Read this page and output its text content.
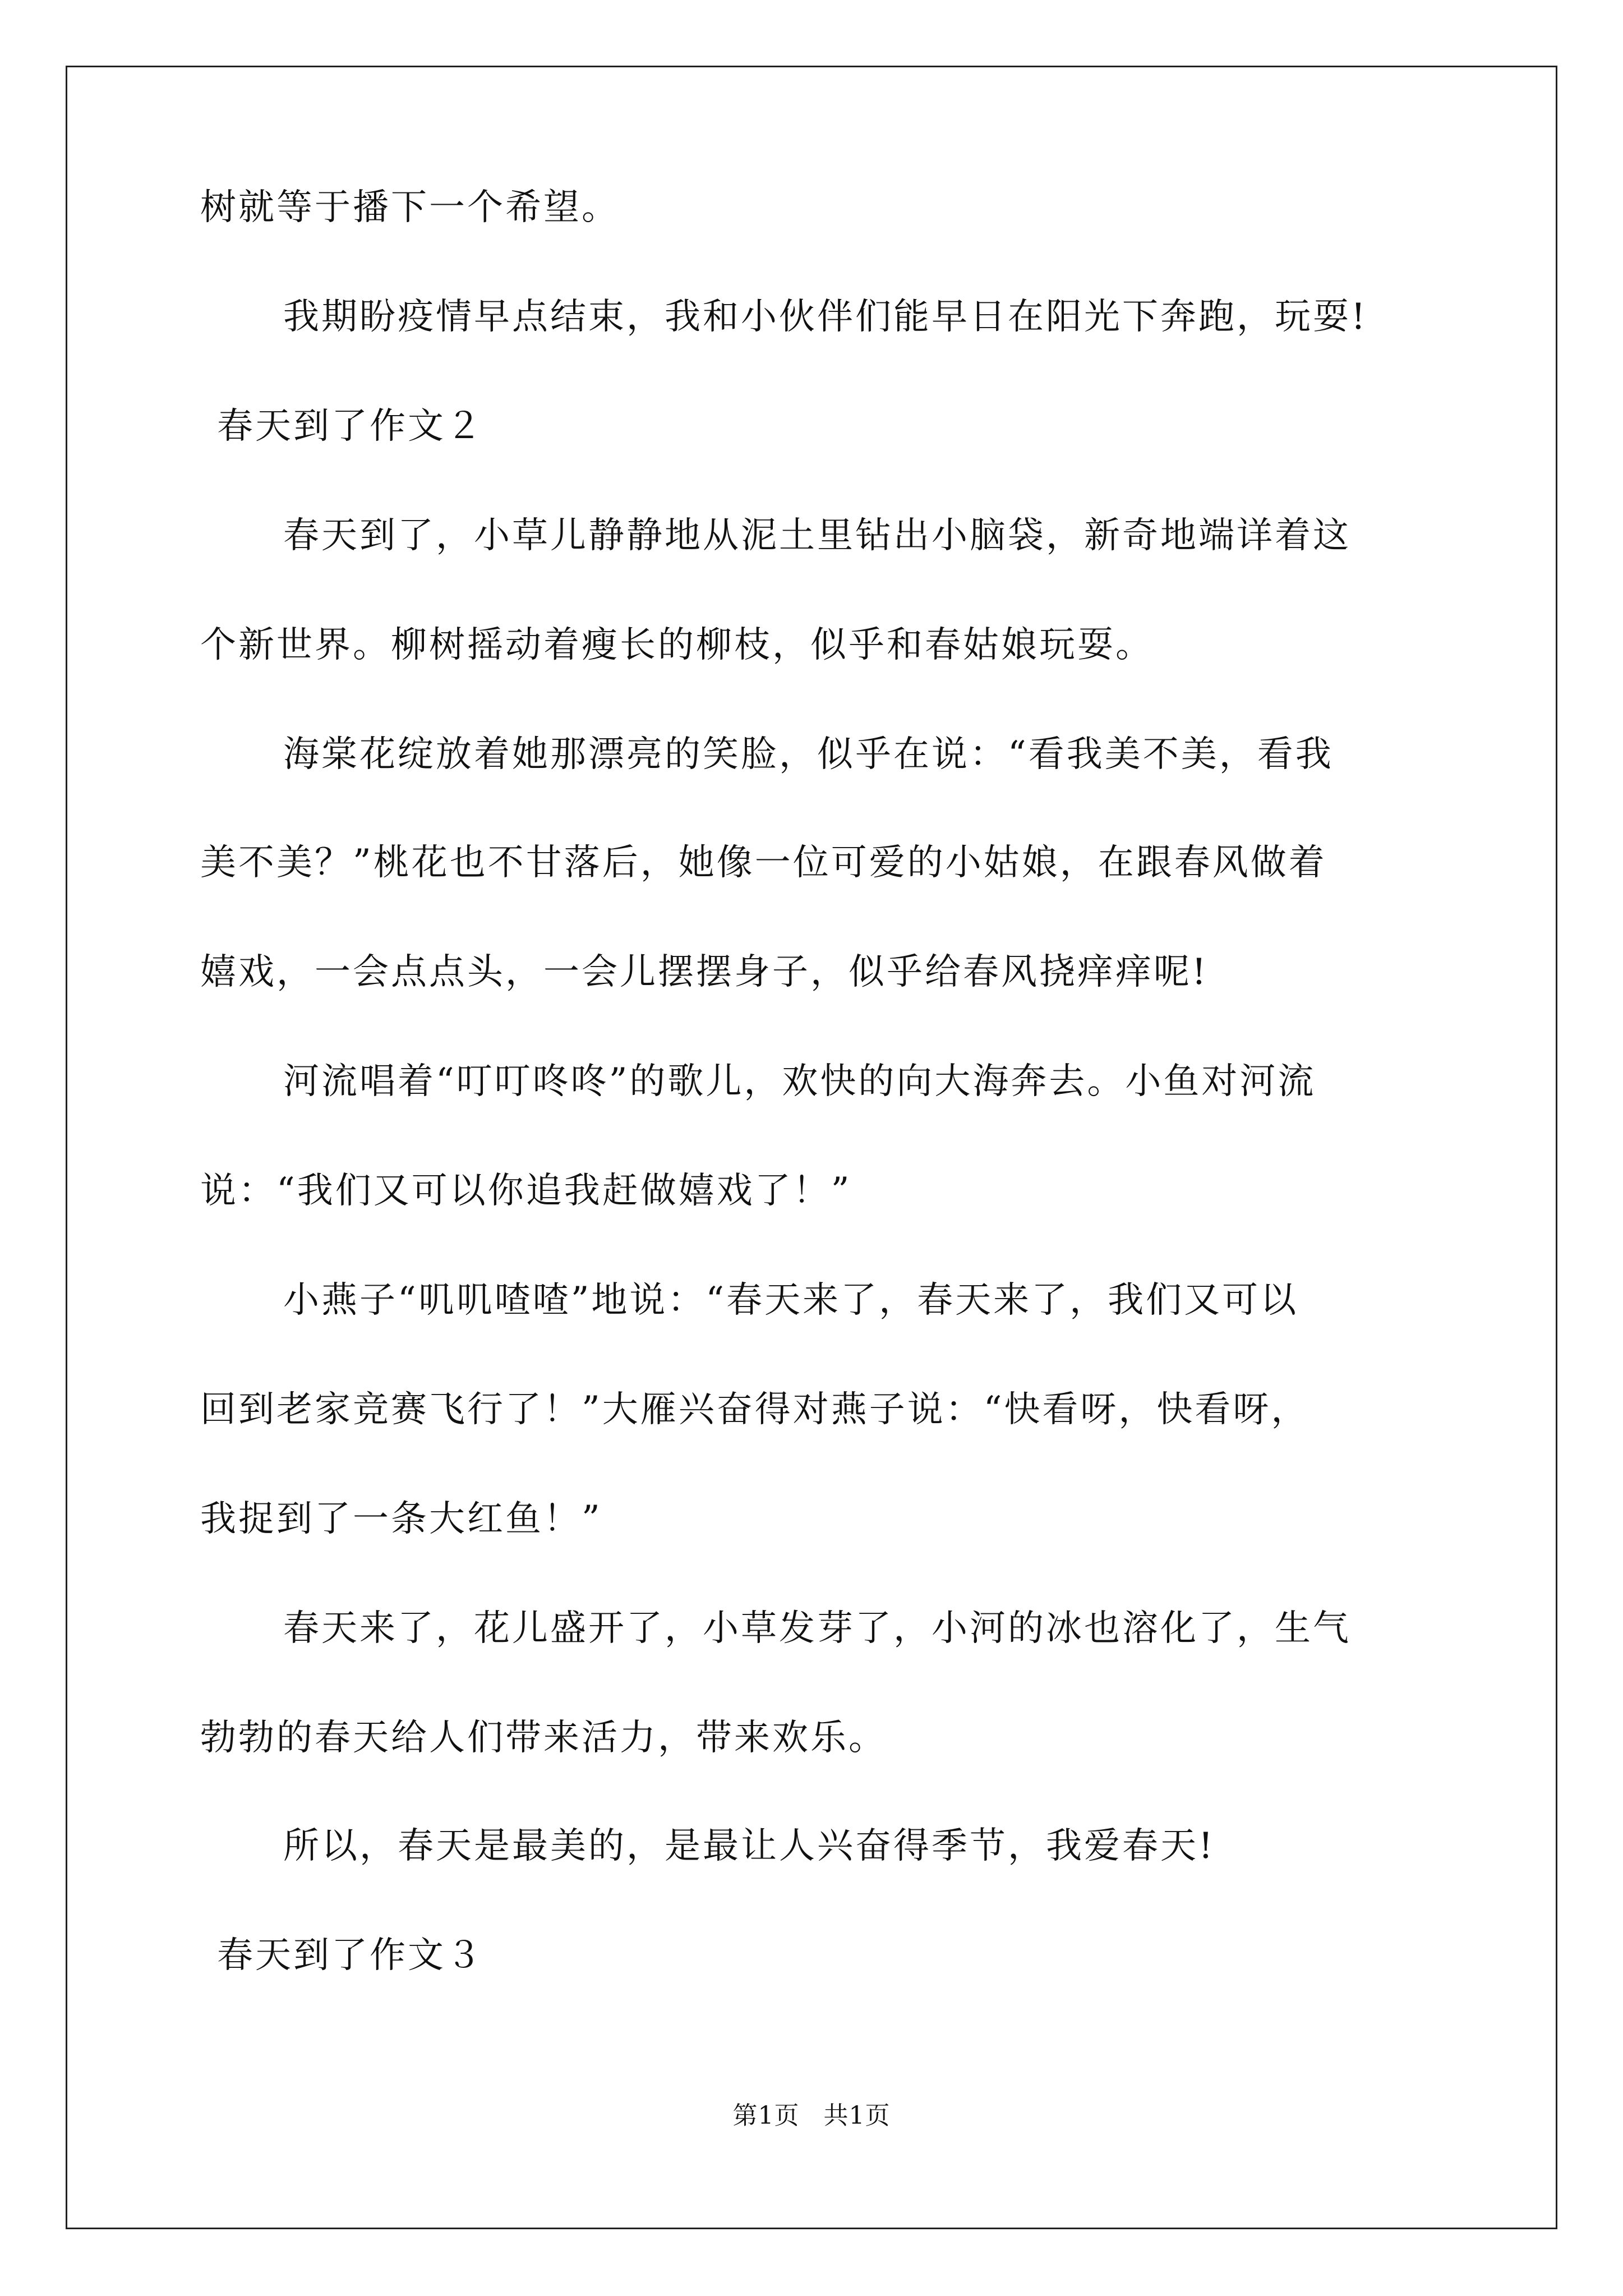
树就等于播下一个希望。
我期盼疫情早点结束，我和小伙伴们能早日在阳光下奔跑，玩耍!
春天到了作文２
春天到了，小草儿静静地从泥土里钻出小脑袋，新奇地端详着这
个新世界。柳树摇动着瘦长的柳枝，似乎和春姑娘玩耍。
海棠花绽放着她那漂亮的笑脸，似乎在说：“看我美不美，看我
美不美？”桃花也不甘落后，她像一位可爱的小姑娘，在跟春风做着
嬉戏，一会点点头，一会儿摆摆身子，似乎给春风挠痒痒呢!
河流唱着“叮叮咚咚”的歌儿，欢快的向大海奔去。小鱼对河流
说：“我们又可以你追我赶做嬉戏了！”
小燕子“叽叽喳喳”地说：“春天来了，春天来了，我们又可以
回到老家竞赛飞行了！”大雁兴奋得对燕子说：“快看呀，快看呀，
我捉到了一条大红鱼！”
春天来了，花儿盛开了，小草发芽了，小河的冰也溶化了，生气
勃勃的春天给人们带来活力，带来欢乐。
所以，春天是最美的，是最让人兴奋得季节，我爱春天!
春天到了作文３
第1页 共1页
